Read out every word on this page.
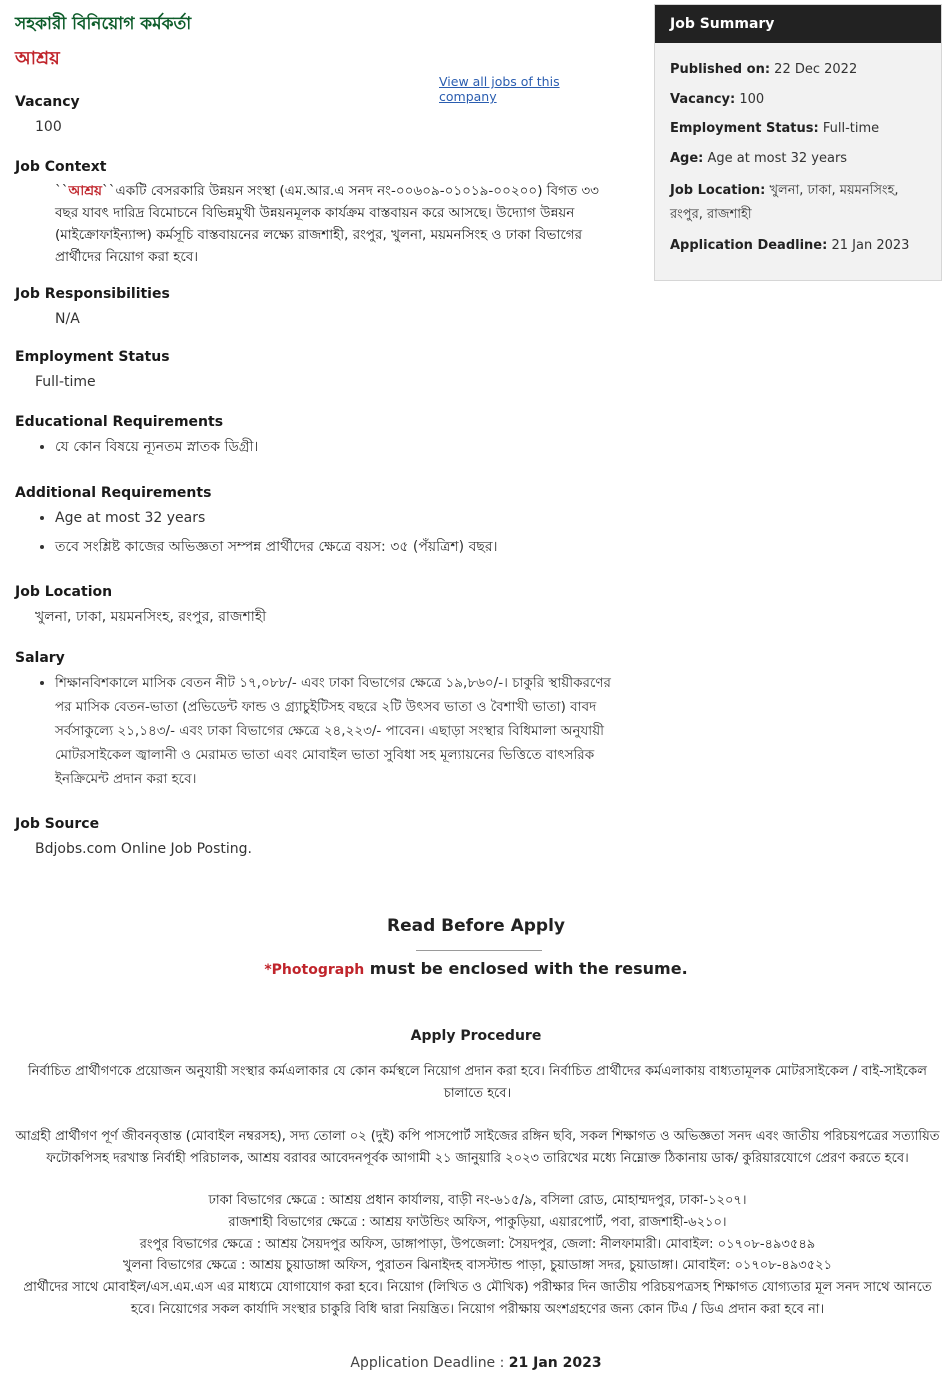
সহকারী বিনিয়োগ কর্মকর্তা
আশ্রয়
View all jobs of this company
Vacancy
100
Job Context
``আশ্রয়``একটি বেসরকারি উন্নয়ন সংস্থা (এম.আর.এ সনদ নং-০০৬০৯-০১০১৯-০০২০০) বিগত ৩৩ বছর যাবৎ দারিদ্র বিমোচনে বিভিন্নমুখী উন্নয়নমূলক কার্যক্রম বাস্তবায়ন করে আসছে। উদ্যোগ উন্নয়ন (মাইক্রোফাইন্যান্স) কর্মসূচি বাস্তবায়নের লক্ষ্যে রাজশাহী, রংপুর, খুলনা, ময়মনসিংহ ও ঢাকা বিভাগের প্রার্থীদের নিয়োগ করা হবে।
Job Responsibilities
N/A
Employment Status
Full-time
Educational Requirements
• যে কোন বিষয়ে ন্যূনতম স্নাতক ডিগ্রী।
Additional Requirements
• Age at most 32 years
• তবে সংশ্লিষ্ট কাজের অভিজ্ঞতা সম্পন্ন প্রার্থীদের ক্ষেত্রে বয়স: ৩৫ (পঁয়ত্রিশ) বছর।
Job Location
খুলনা, ঢাকা, ময়মনসিংহ, রংপুর, রাজশাহী
Salary
• শিক্ষানবিশকালে মাসিক বেতন নীট ১৭,০৮৮/- এবং ঢাকা বিভাগের ক্ষেত্রে ১৯,৮৬০/-। চাকুরি স্থায়ীকরণের পর মাসিক বেতন-ভাতা (প্রভিডেন্ট ফান্ড ও গ্র্যাচুইটিসহ বছরে ২টি উৎসব ভাতা ও বৈশাখী ভাতা) বাবদ সর্বসাকুল্যে ২১,১৪৩/- এবং ঢাকা বিভাগের ক্ষেত্রে ২৪,২২৩/- পাবেন। এছাড়া সংস্থার বিধিমালা অনুযায়ী মোটরসাইকেল জ্বালানী ও মেরামত ভাতা এবং মোবাইল ভাতা সুবিধা সহ মূল্যায়নের ভিত্তিতে বাৎসরিক ইনক্রিমেন্ট প্রদান করা হবে।
Job Source
Bdjobs.com Online Job Posting.
Job Summary
Published on: 22 Dec 2022
Vacancy: 100
Employment Status: Full-time
Age: Age at most 32 years
Job Location: খুলনা, ঢাকা, ময়মনসিংহ, রংপুর, রাজশাহী
Application Deadline: 21 Jan 2023
Read Before Apply
*Photograph must be enclosed with the resume.
Apply Procedure
নির্বাচিত প্রার্থীগণকে প্রয়োজন অনুযায়ী সংস্থার কর্মএলাকার যে কোন কর্মস্থলে নিয়োগ প্রদান করা হবে। নির্বাচিত প্রার্থীদের কর্মএলাকায় বাধ্যতামূলক মোটরসাইকেল / বাই-সাইকেল চালাতে হবে।
আগ্রহী প্রার্থীগণ পূর্ণ জীবনবৃত্তান্ত (মোবাইল নম্বরসহ), সদ্য তোলা ০২ (দুই) কপি পাসপোর্ট সাইজের রঙ্গিন ছবি, সকল শিক্ষাগত ও অভিজ্ঞতা সনদ এবং জাতীয় পরিচয়পত্রের সত্যায়িত ফটোকপিসহ দরখাস্ত নির্বাহী পরিচালক, আশ্রয় বরাবর আবেদনপূর্বক আগামী ২১ জানুয়ারি ২০২৩ তারিখের মধ্যে নিম্নোক্ত ঠিকানায় ডাক/ কুরিয়ারযোগে প্রেরণ করতে হবে।
ঢাকা বিভাগের ক্ষেত্রে : আশ্রয় প্রধান কার্যালয়, বাড়ী নং-৬১৫/৯, বসিলা রোড, মোহাম্মদপুর, ঢাকা-১২০৭।
রাজশাহী বিভাগের ক্ষেত্রে : আশ্রয় ফাউন্ডিং অফিস, পাকুড়িয়া, এয়ারপোর্ট, পবা, রাজশাহী-৬২১০।
রংপুর বিভাগের ক্ষেত্রে : আশ্রয় সৈয়দপুর অফিস, ডাঙ্গাপাড়া, উপজেলা: সৈয়দপুর, জেলা: নীলফামারী। মোবাইল: ০১৭০৮-৪৯৩৫৪৯
খুলনা বিভাগের ক্ষেত্রে : আশ্রয় চুয়াডাঙ্গা অফিস, পুরাতন ঝিনাইদহ বাসস্টান্ড পাড়া, চুয়াডাঙ্গা সদর, চুয়াডাঙ্গা। মোবাইল: ০১৭০৮-৪৯৩৫২১
প্রার্থীদের সাথে মোবাইল/এস.এম.এস এর মাধ্যমে যোগাযোগ করা হবে। নিয়োগ (লিখিত ও মৌখিক) পরীক্ষার দিন জাতীয় পরিচয়পত্রসহ শিক্ষাগত যোগ্যতার মূল সনদ সাথে আনতে হবে। নিয়োগের সকল কার্যাদি সংস্থার চাকুরি বিধি দ্বারা নিয়ন্ত্রিত। নিয়োগ পরীক্ষায় অংশগ্রহণের জন্য কোন টিএ / ডিএ প্রদান করা হবে না।
Application Deadline : 21 Jan 2023
